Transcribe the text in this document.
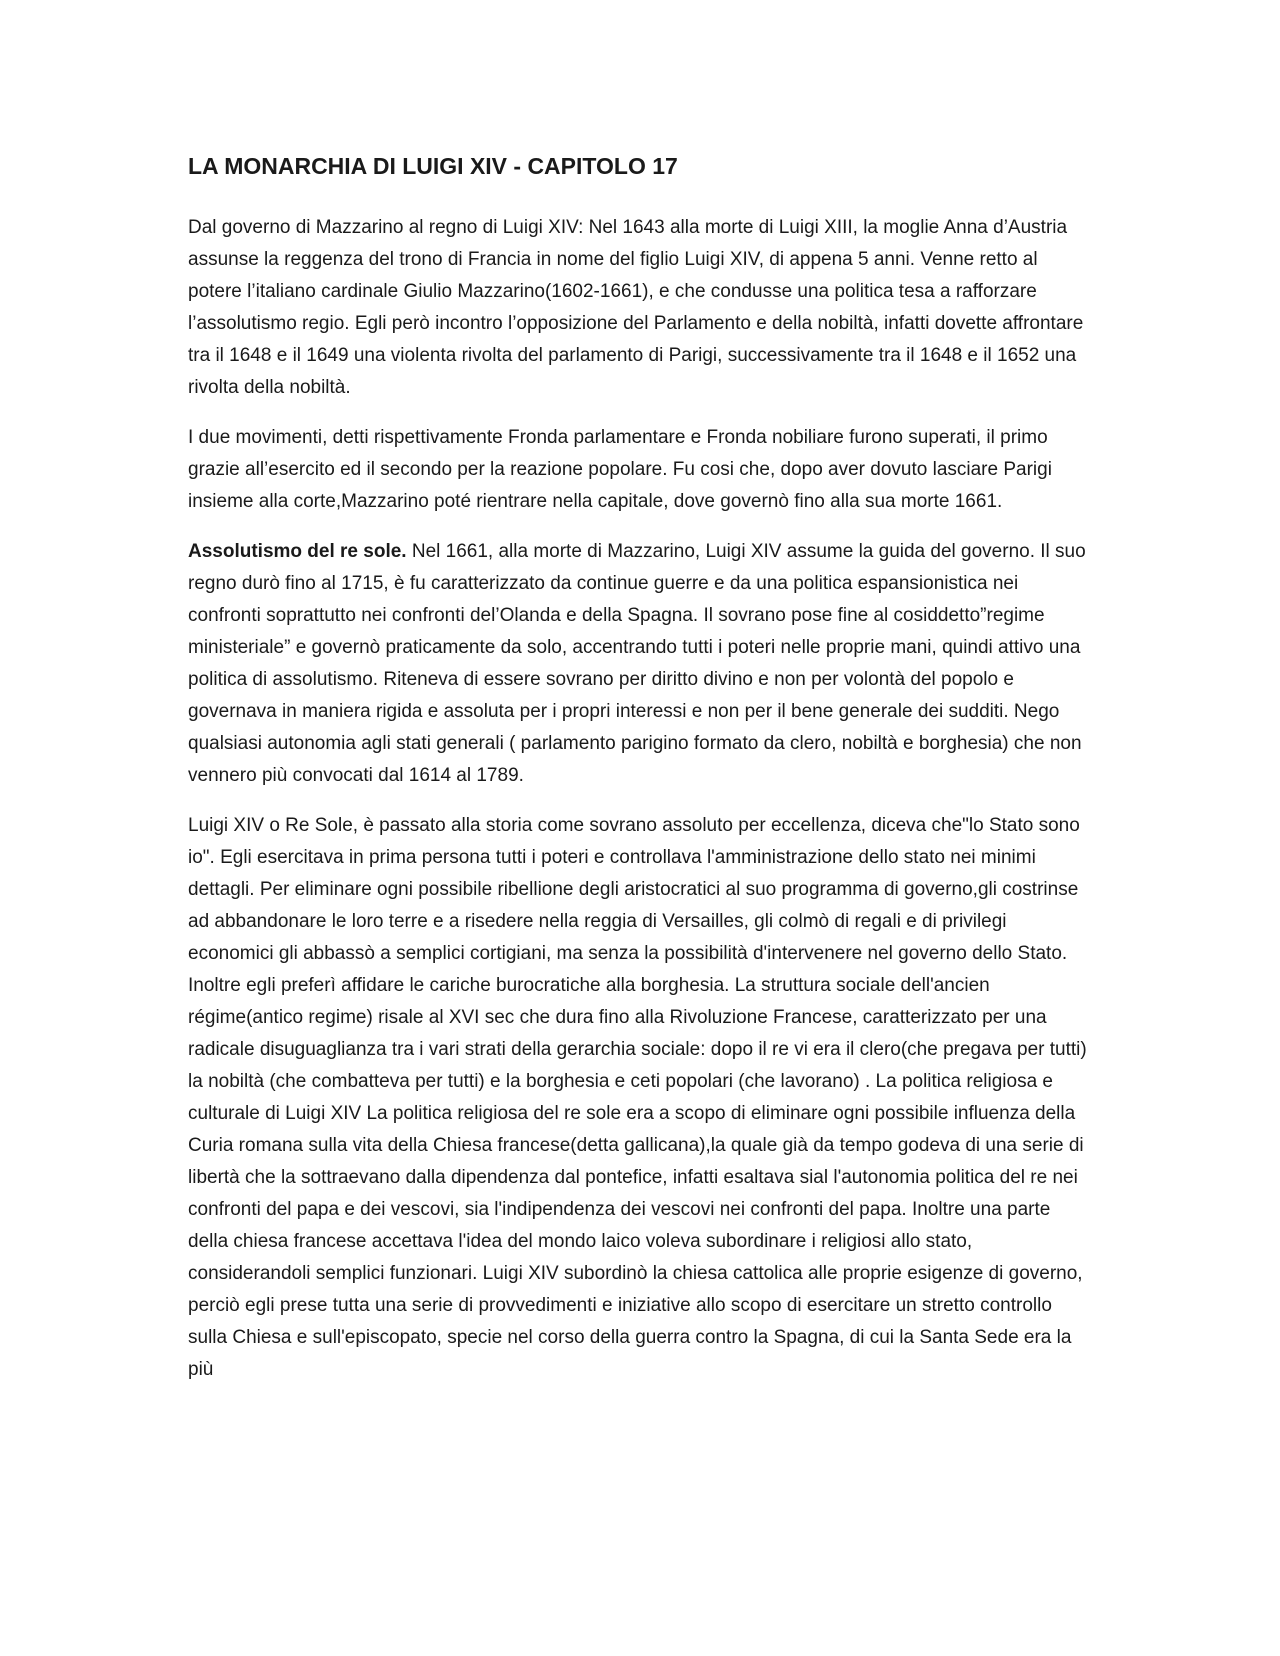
LA MONARCHIA DI LUIGI XIV - CAPITOLO 17

Dal governo di Mazzarino al regno di Luigi XIV: Nel 1643 alla morte di Luigi XIII, la moglie Anna d’Austria assunse la reggenza del trono di Francia in nome del figlio Luigi XIV, di appena 5 anni. Venne retto al potere l’italiano cardinale Giulio Mazzarino(1602-1661), e che condusse una politica tesa a rafforzare l’assolutismo regio. Egli però incontro l’opposizione del Parlamento e della nobiltà, infatti dovette affrontare tra il 1648 e il 1649 una violenta rivolta del parlamento di Parigi, successivamente tra il 1648 e il 1652 una rivolta della nobiltà.

I due movimenti, detti rispettivamente Fronda parlamentare e Fronda nobiliare furono superati, il primo grazie all’esercito ed il secondo per la reazione popolare. Fu cosi che, dopo aver dovuto lasciare Parigi insieme alla corte,Mazzarino poté rientrare nella capitale, dove governò fino alla sua morte 1661.

Assolutismo del re sole. Nel 1661, alla morte di Mazzarino, Luigi XIV assume la guida del governo. Il suo regno durò fino al 1715, è fu caratterizzato da continue guerre e da una politica espansionistica nei confronti soprattutto nei confronti del’Olanda e della Spagna. Il sovrano pose fine al cosiddetto”regime ministeriale” e governò praticamente da solo, accentrando tutti i poteri nelle proprie mani, quindi attivo una politica di assolutismo. Riteneva di essere sovrano per diritto divino e non per volontà del popolo e governava in maniera rigida e assoluta per i propri interessi e non per il bene generale dei sudditi. Nego qualsiasi autonomia agli stati generali ( parlamento parigino formato da clero, nobiltà e borghesia) che non vennero più convocati dal 1614 al 1789.

Luigi XIV o Re Sole, è passato alla storia come sovrano assoluto per eccellenza, diceva che"lo Stato sono io". Egli esercitava in prima persona tutti i poteri e controllava l'amministrazione dello stato nei minimi dettagli. Per eliminare ogni possibile ribellione degli aristocratici al suo programma di governo,gli costrinse ad abbandonare le loro terre e a risedere nella reggia di Versailles, gli colmò di regali e di privilegi economici gli abbassò a semplici cortigiani, ma senza la possibilità d'intervenere nel governo dello Stato. Inoltre egli preferì affidare le cariche burocratiche alla borghesia. La struttura sociale dell'ancien régime(antico regime) risale al XVI sec che dura fino alla Rivoluzione Francese, caratterizzato per una radicale disuguaglianza tra i vari strati della gerarchia sociale: dopo il re vi era il clero(che pregava per tutti) la nobiltà (che combatteva per tutti) e la borghesia e ceti popolari (che lavorano) . La politica religiosa e culturale di Luigi XIV La politica religiosa del re sole era a scopo di eliminare ogni possibile influenza della Curia romana sulla vita della Chiesa francese(detta gallicana),la quale già da tempo godeva di una serie di libertà che la sottraevano dalla dipendenza dal pontefice, infatti esaltava sial l'autonomia politica del re nei confronti del papa e dei vescovi, sia l'indipendenza dei vescovi nei confronti del papa. Inoltre una parte della chiesa francese accettava l'idea del mondo laico voleva subordinare i religiosi allo stato, considerandoli semplici funzionari. Luigi XIV subordinò la chiesa cattolica alle proprie esigenze di governo, perciò egli prese tutta una serie di provvedimenti e iniziative allo scopo di esercitare un stretto controllo sulla Chiesa e sull'episcopato, specie nel corso della guerra contro la Spagna, di cui la Santa Sede era la più
